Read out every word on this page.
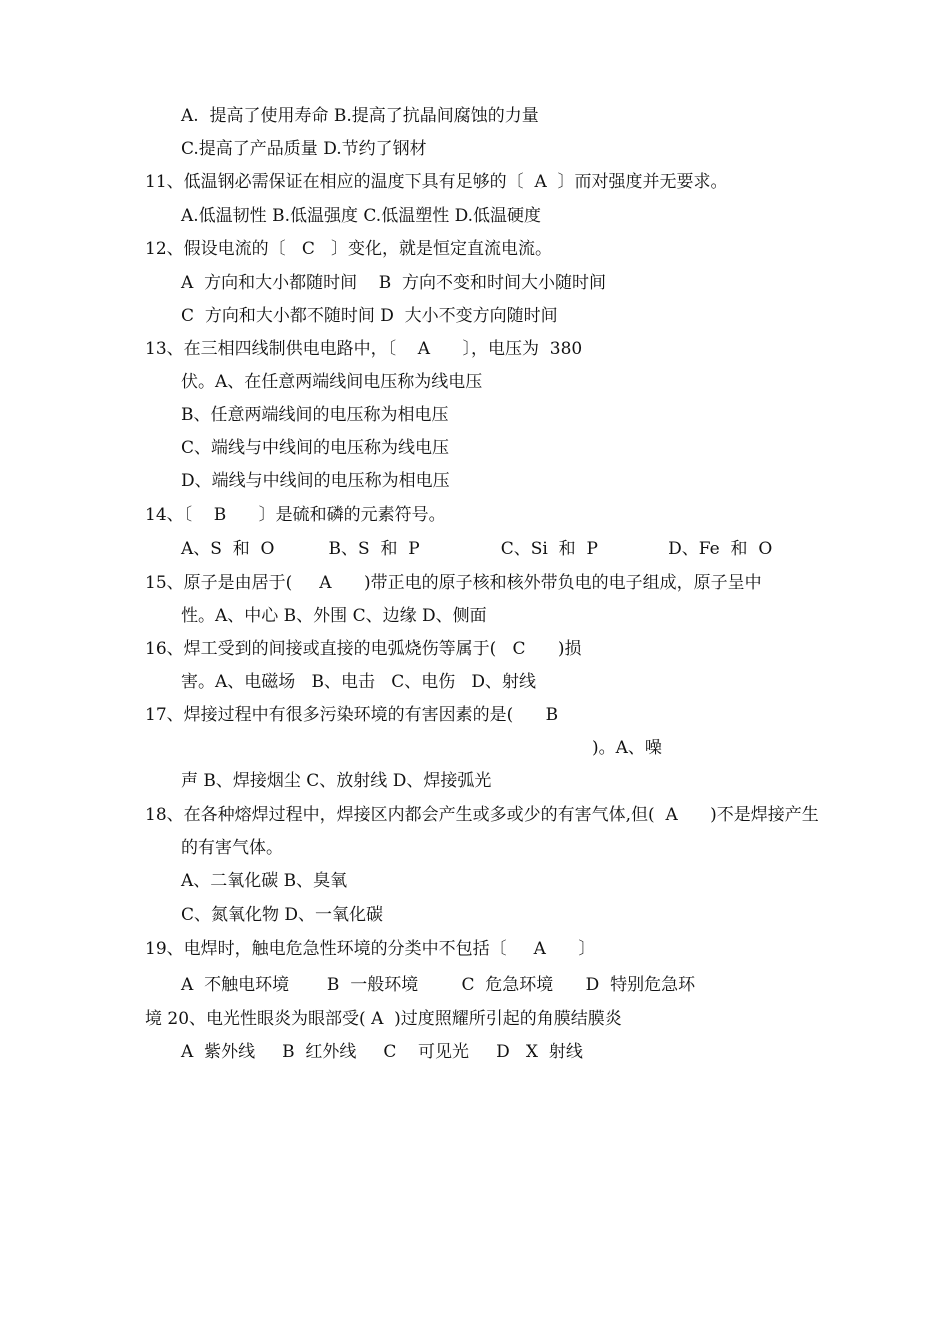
A.  提高了使用寿命 B.提高了抗晶间腐蚀的力量
C.提高了产品质量 D.节约了钢材
11、低温钢必需保证在相应的温度下具有足够的〔  A  〕而对强度并无要求。
A.低温韧性 B.低温强度 C.低温塑性 D.低温硬度
12、假设电流的〔   C   〕变化，就是恒定直流电流。
A  方向和大小都随时间    B  方向不变和时间大小随时间
C  方向和大小都不随时间 D  大小不变方向随时间
13、在三相四线制供电电路中，〔    A      〕，电压为  380
伏。A、在任意两端线间电压称为线电压
B、任意两端线间的电压称为相电压
C、端线与中线间的电压称为线电压
D、端线与中线间的电压称为相电压
14、〔    B      〕是硫和磷的元素符号。
A、S  和  O          B、S  和  P               C、Si  和  P             D、Fe  和  O
15、原子是由居于(     A      )带正电的原子核和核外带负电的电子组成，原子呈中
性。A、中心 B、外围 C、边缘 D、侧面
16、焊工受到的间接或直接的电弧烧伤等属于(   C      )损
害。A、电磁场   B、电击   C、电伤   D、射线
17、焊接过程中有很多污染环境的有害因素的是(      B
)。A、噪
声 B、焊接烟尘 C、放射线 D、焊接弧光
18、在各种熔焊过程中，焊接区内都会产生或多或少的有害气体,但(  A      )不是焊接产生
的有害气体。
A、二氧化碳 B、臭氧
C、氮氧化物 D、一氧化碳
19、电焊时，触电危急性环境的分类中不包括〔     A      〕
A  不触电环境       B  一般环境        C  危急环境      D  特别危急环
境 20、电光性眼炎为眼部受( A  )过度照耀所引起的角膜结膜炎
A  紫外线     B  红外线     C    可见光     D   X  射线
